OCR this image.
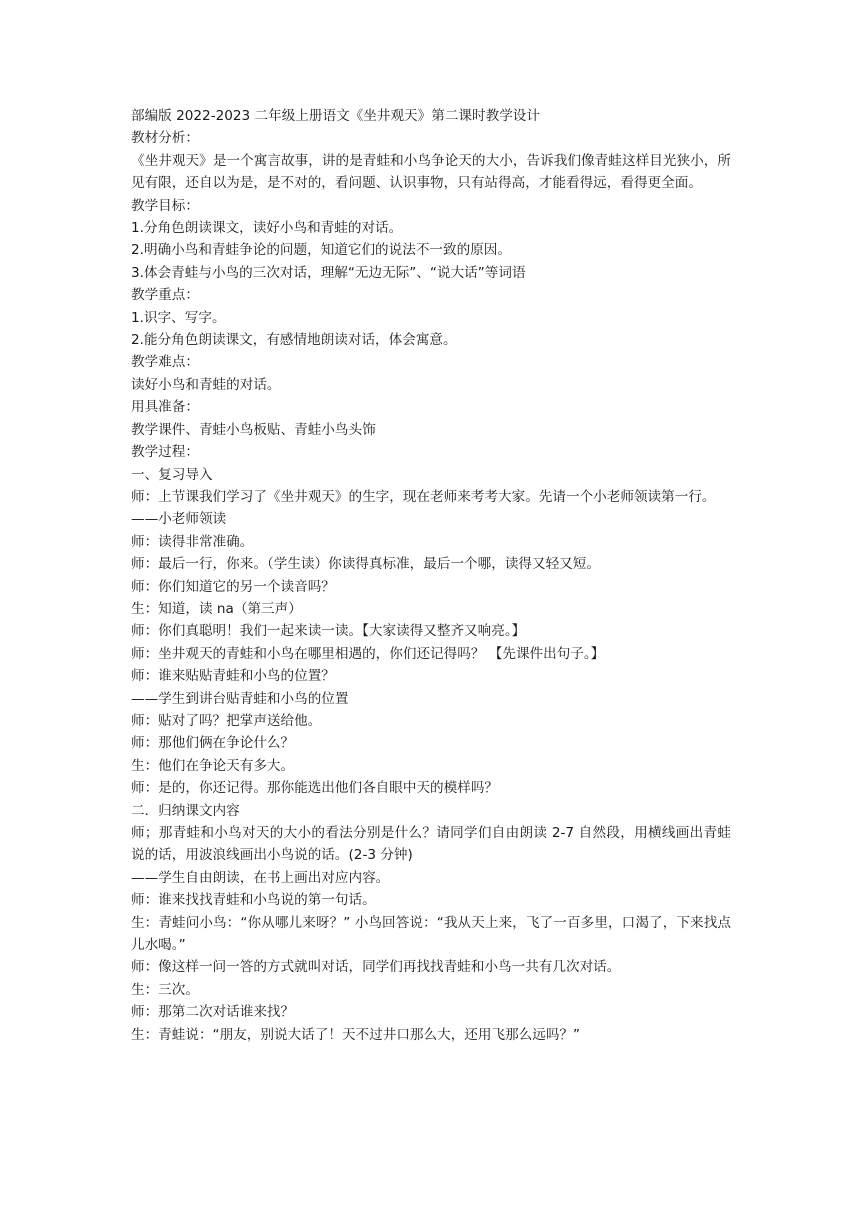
部编版 2022-2023 二年级上册语文《坐井观天》第二课时教学设计

教材分析：

《坐井观天》是一个寓言故事，讲的是青蛙和小鸟争论天的大小，告诉我们像青蛙这样目光狭小，所见有限，还自以为是，是不对的，看问题、认识事物，只有站得高，才能看得远，看得更全面。

教学目标：

1.分角色朗读课文，读好小鸟和青蛙的对话。

2.明确小鸟和青蛙争论的问题，知道它们的说法不一致的原因。

3.体会青蛙与小鸟的三次对话，理解“无边无际”、“说大话”等词语

教学重点：

1.识字、写字。

2.能分角色朗读课文，有感情地朗读对话，体会寓意。

教学难点：

读好小鸟和青蛙的对话。

用具准备：

教学课件、青蛙小鸟板贴、青蛙小鸟头饰

教学过程：

一、复习导入

师：上节课我们学习了《坐井观天》的生字，现在老师来考考大家。先请一个小老师领读第一行。

——小老师领读

师：读得非常准确。

师：最后一行，你来。（学生读）你读得真标准，最后一个哪，读得又轻又短。

师：你们知道它的另一个读音吗？

生：知道，读 na（第三声）

师：你们真聪明！我们一起来读一读。【大家读得又整齐又响亮。】

师：坐井观天的青蛙和小鸟在哪里相遇的，你们还记得吗？ 【先课件出句子。】

师：谁来贴贴青蛙和小鸟的位置？

——学生到讲台贴青蛙和小鸟的位置

师：贴对了吗？把掌声送给他。

师：那他们俩在争论什么？

生：他们在争论天有多大。

师：是的，你还记得。那你能选出他们各自眼中天的模样吗？

二．归纳课文内容

师；那青蛙和小鸟对天的大小的看法分别是什么？请同学们自由朗读 2-7 自然段，用横线画出青蛙说的话，用波浪线画出小鸟说的话。(2-3 分钟)

——学生自由朗读，在书上画出对应内容。

师：谁来找找青蛙和小鸟说的第一句话。

生：青蛙问小鸟：“你从哪儿来呀？” 小鸟回答说：“我从天上来，飞了一百多里，口渴了，下来找点儿水喝。”

师：像这样一问一答的方式就叫对话，同学们再找找青蛙和小鸟一共有几次对话。

生：三次。

师：那第二次对话谁来找？

生：青蛙说：“朋友，别说大话了！天不过井口那么大，还用飞那么远吗？”
